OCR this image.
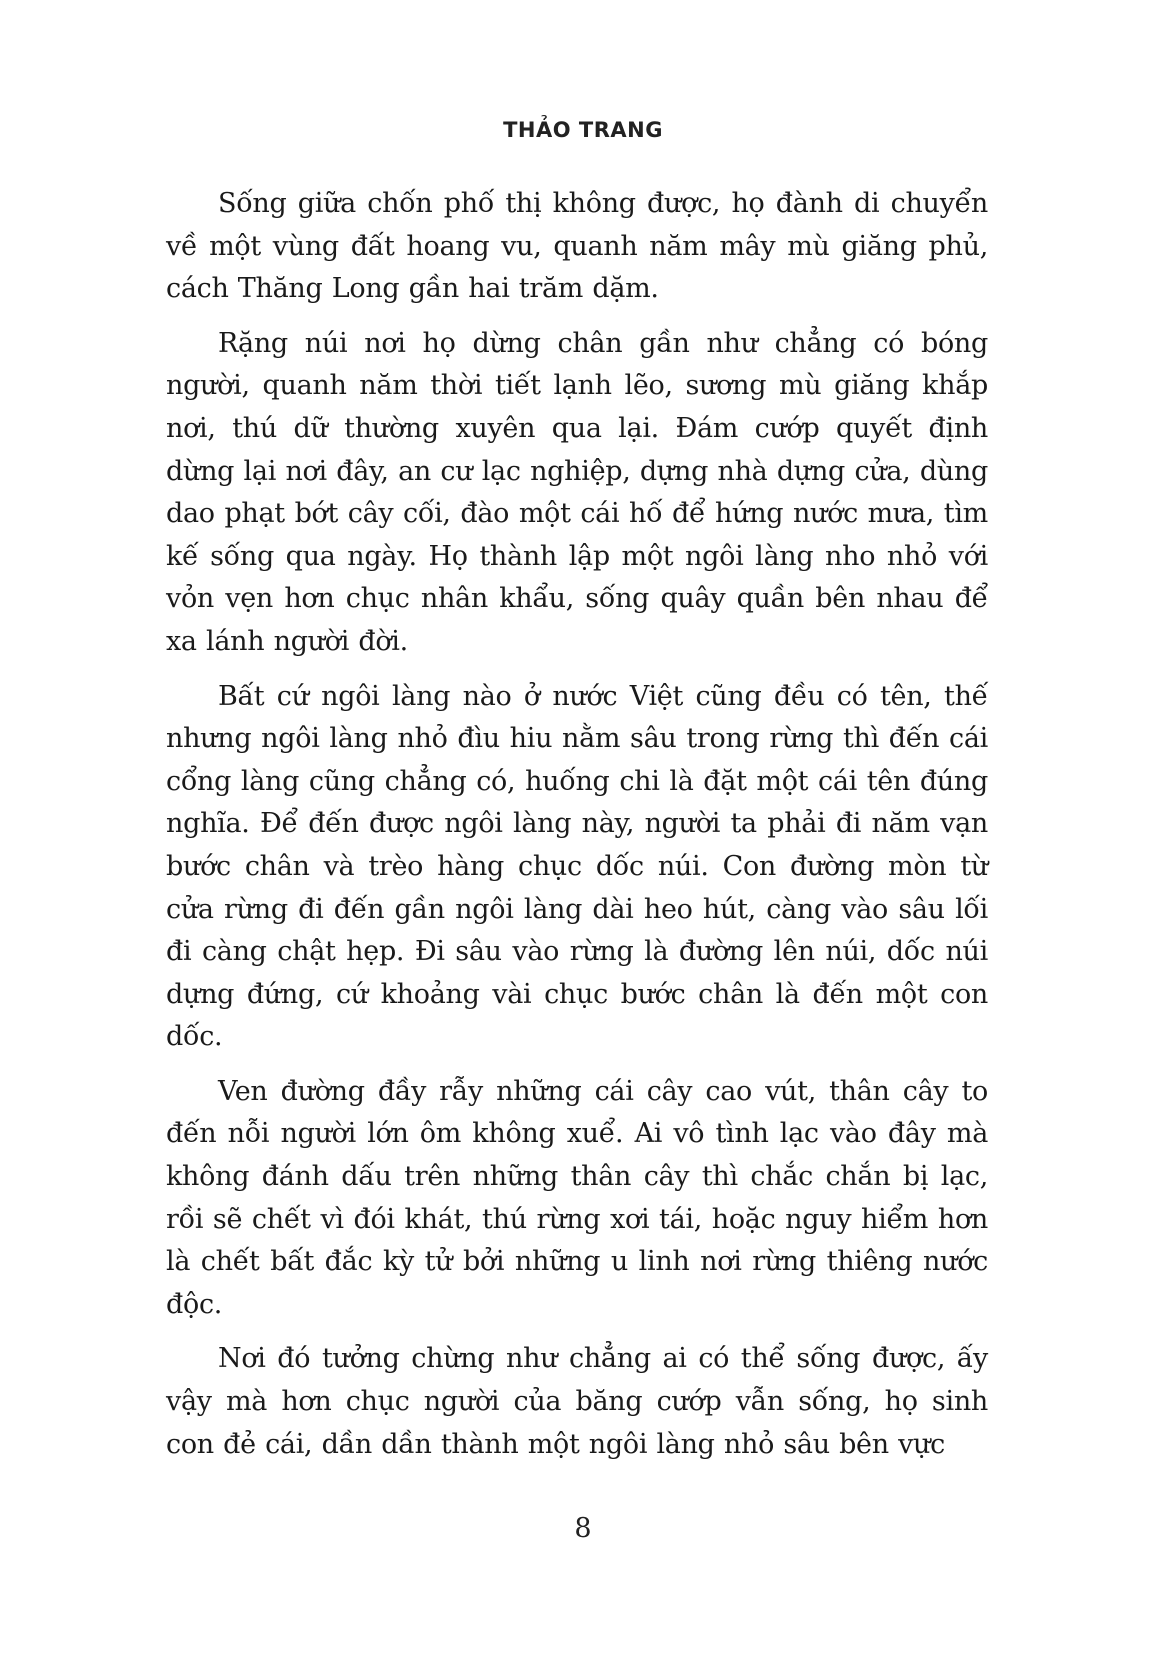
THẢO TRANG

Sống giữa chốn phố thị không được, họ đành di chuyển về một vùng đất hoang vu, quanh năm mây mù giăng phủ, cách Thăng Long gần hai trăm dặm.

Rặng núi nơi họ dừng chân gần như chẳng có bóng người, quanh năm thời tiết lạnh lẽo, sương mù giăng khắp nơi, thú dữ thường xuyên qua lại. Đám cướp quyết định dừng lại nơi đây, an cư lạc nghiệp, dựng nhà dựng cửa, dùng dao phạt bớt cây cối, đào một cái hố để hứng nước mưa, tìm kế sống qua ngày. Họ thành lập một ngôi làng nho nhỏ với vỏn vẹn hơn chục nhân khẩu, sống quây quần bên nhau để xa lánh người đời.

Bất cứ ngôi làng nào ở nước Việt cũng đều có tên, thế nhưng ngôi làng nhỏ đìu hiu nằm sâu trong rừng thì đến cái cổng làng cũng chẳng có, huống chi là đặt một cái tên đúng nghĩa. Để đến được ngôi làng này, người ta phải đi năm vạn bước chân và trèo hàng chục dốc núi. Con đường mòn từ cửa rừng đi đến gần ngôi làng dài heo hút, càng vào sâu lối đi càng chật hẹp. Đi sâu vào rừng là đường lên núi, dốc núi dựng đứng, cứ khoảng vài chục bước chân là đến một con dốc.

Ven đường đầy rẫy những cái cây cao vút, thân cây to đến nỗi người lớn ôm không xuể. Ai vô tình lạc vào đây mà không đánh dấu trên những thân cây thì chắc chắn bị lạc, rồi sẽ chết vì đói khát, thú rừng xơi tái, hoặc nguy hiểm hơn là chết bất đắc kỳ tử bởi những u linh nơi rừng thiêng nước độc.

Nơi đó tưởng chừng như chẳng ai có thể sống được, ấy vậy mà hơn chục người của băng cướp vẫn sống, họ sinh con đẻ cái, dần dần thành một ngôi làng nhỏ sâu bên vực

8
